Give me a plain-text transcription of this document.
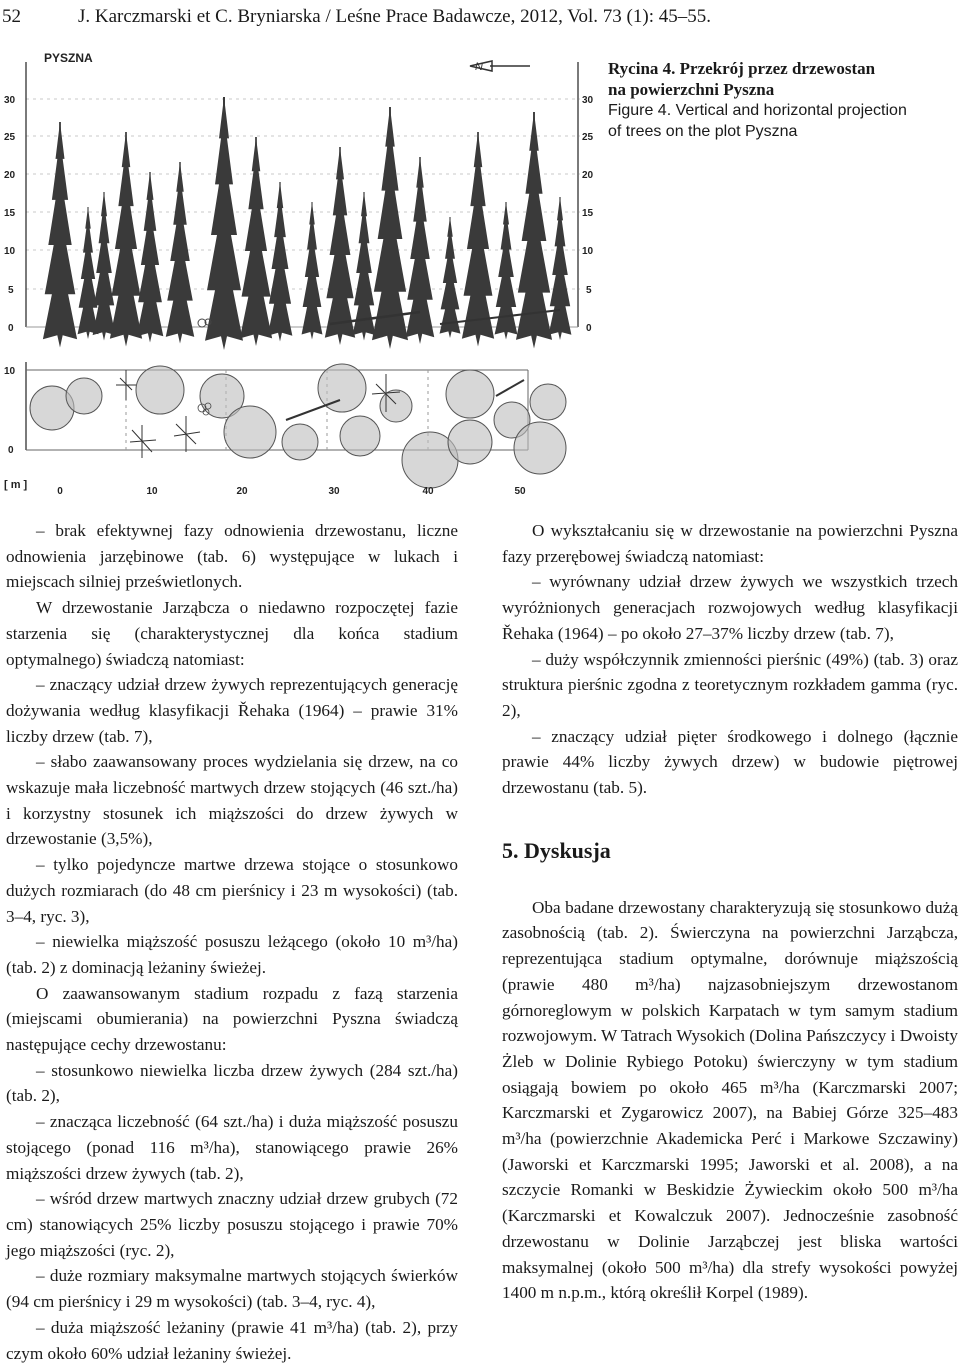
52	J. Karczmarski et C. Bryniarska / Leśne Prace Badawcze, 2012, Vol. 73 (1): 45–55.
PYSZNA
N
30
25
20
15
10
5
0
30
25
20
15
10
5
0
10
0
[ m ]
0	10	20	30	40	50
Rycina 4. Przekrój przez drzewostan
na powierzchni Pyszna
Figure 4. Vertical and horizontal projection
of trees on the plot Pyszna

– brak efektywnej fazy odnowienia drzewostanu, liczne odnowienia jarzębinowe (tab. 6) występujące w lukach i miejscach silniej prześwietlonych.

W drzewostanie Jarząbcza o niedawno rozpoczętej fazie starzenia się (charakterystycznej dla końca stadium optymalnego) świadczą natomiast:

– znaczący udział drzew żywych reprezentujących generację dożywania według klasyfikacji Řehaka (1964) – prawie 31% liczby drzew (tab. 7),

– słabo zaawansowany proces wydzielania się drzew, na co wskazuje mała liczebność martwych drzew stojących (46 szt./ha) i korzystny stosunek ich miąższości do drzew żywych w drzewostanie (3,5%),

– tylko pojedyncze martwe drzewa stojące o stosunkowo dużych rozmiarach (do 48 cm pierśnicy i 23 m wysokości) (tab. 3–4, ryc. 3),

– niewielka miąższość posuszu leżącego (około 10 m³/ha) (tab. 2) z dominacją leżaniny świeżej.

O zaawansowanym stadium rozpadu z fazą starzenia (miejscami obumierania) na powierzchni Pyszna świadczą następujące cechy drzewostanu:

– stosunkowo niewielka liczba drzew żywych (284 szt./ha) (tab. 2),

– znacząca liczebność (64 szt./ha) i duża miąższość posuszu stojącego (ponad 116 m³/ha), stanowiącego prawie 26% miąższości drzew żywych (tab. 2),

– wśród drzew martwych znaczny udział drzew grubych (72 cm) stanowiących 25% liczby posuszu stojącego i prawie 70% jego miąższości (ryc. 2),

– duże rozmiary maksymalne martwych stojących świerków (94 cm pierśnicy i 29 m wysokości) (tab. 3–4, ryc. 4),

– duża miąższość leżaniny (prawie 41 m³/ha) (tab. 2), przy czym około 60% udział leżaniny świeżej.

O wykształcaniu się w drzewostanie na powierzchni Pyszna fazy przerębowej świadczą natomiast:

– wyrównany udział drzew żywych we wszystkich trzech wyróżnionych generacjach rozwojowych według klasyfikacji Řehaka (1964) – po około 27–37% liczby drzew (tab. 7),

– duży współczynnik zmienności pierśnic (49%) (tab. 3) oraz struktura pierśnic zgodna z teoretycznym rozkładem gamma (ryc. 2),

– znaczący udział pięter środkowego i dolnego (łącznie prawie 44% liczby żywych drzew) w budowie piętrowej drzewostanu (tab. 5).

5. Dyskusja

Oba badane drzewostany charakteryzują się stosunkowo dużą zasobnością (tab. 2). Świerczyna na powierzchni Jarząbcza, reprezentująca stadium optymalne, dorównuje miąższością (prawie 480 m³/ha) najzasobniejszym drzewostanom górnoreglowym w polskich Karpatach w tym samym stadium rozwojowym. W Tatrach Wysokich (Dolina Pańszczycy i Dwoisty Żleb w Dolinie Rybiego Potoku) świerczyny w tym stadium osiągają bowiem po około 465 m³/ha (Karczmarski 2007; Karczmarski et Zygarowicz 2007), na Babiej Górze 325–483 m³/ha (powierzchnie Akademicka Perć i Markowe Szczawiny) (Jaworski et Karczmarski 1995; Jaworski et al. 2008), a na szczycie Romanki w Beskidzie Żywieckim około 500 m³/ha (Karczmarski et Kowalczuk 2007). Jednocześnie zasobność drzewostanu w Dolinie Jarząbczej jest bliska wartości maksymalnej (około 500 m³/ha) dla strefy wysokości powyżej 1400 m n.p.m., którą określił Korpel (1989).
